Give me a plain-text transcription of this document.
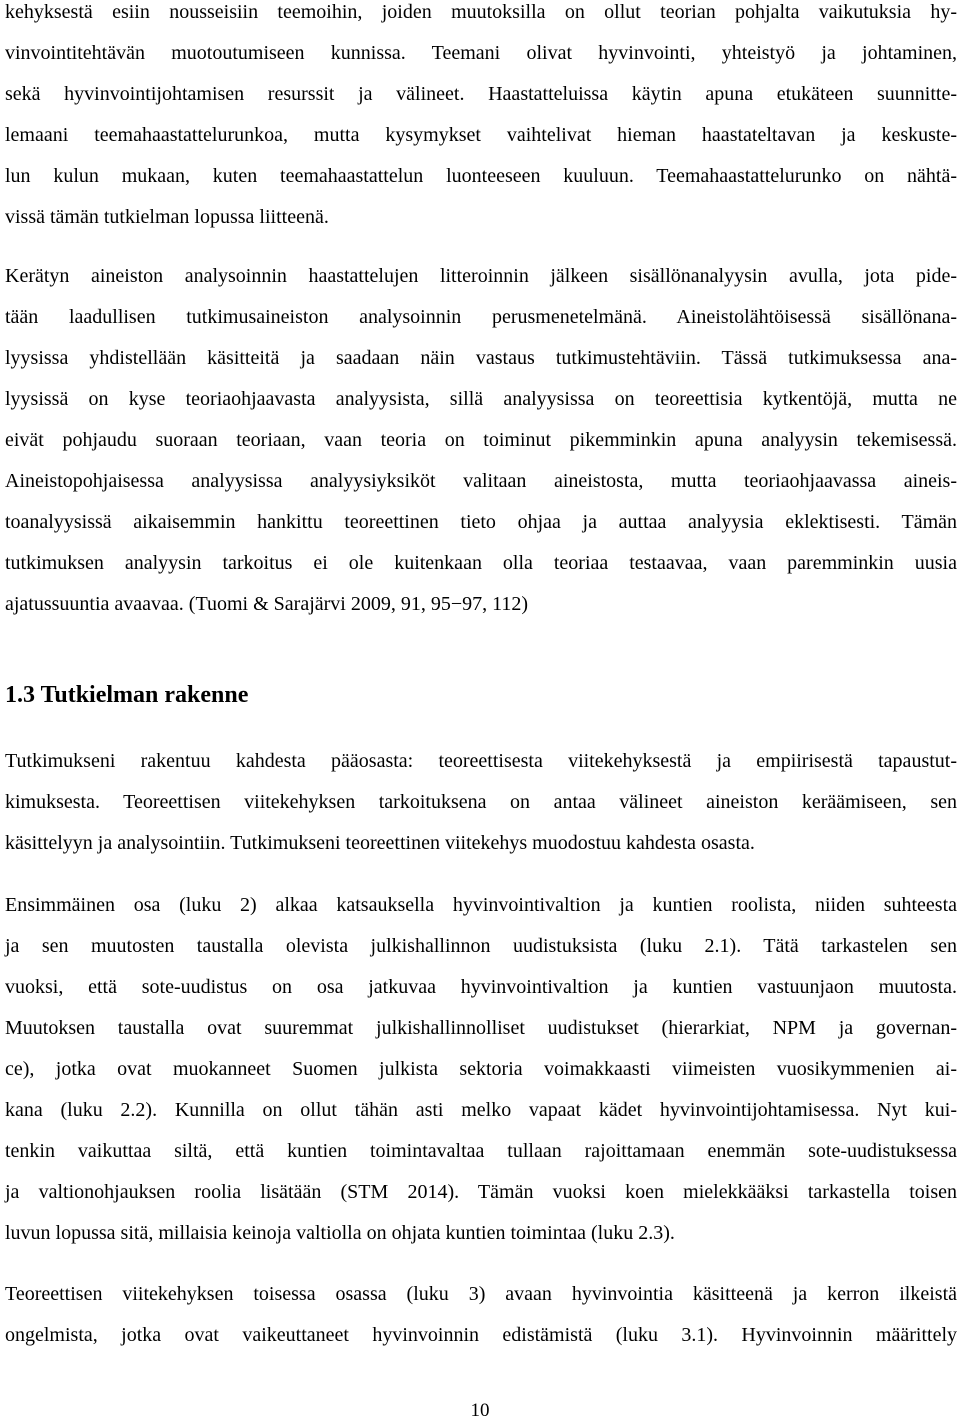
kehyksestä esiin nousseisiin teemoihin, joiden muutoksilla on ollut teorian pohjalta vaikutuksia hy-
vinvointitehtävän muotoutumiseen kunnissa. Teemani olivat hyvinvointi, yhteistyö ja johtaminen,
sekä hyvinvointijohtamisen resurssit ja välineet. Haastatteluissa käytin apuna etukäteen suunnitte-
lemaani teemahaastattelurunkoa, mutta kysymykset vaihtelivat hieman haastateltavan ja keskuste-
lun kulun mukaan, kuten teemahaastattelun luonteeseen kuuluun. Teemahaastattelurunko on nähtä-
vissä tämän tutkielman lopussa liitteenä.
Kerätyn aineiston analysoinnin haastattelujen litteroinnin jälkeen sisällönanalyysin avulla, jota pide-
tään laadullisen tutkimusaineiston analysoinnin perusmenetelmänä. Aineistolähtöisessä sisällönana-
lyysissa yhdistellään käsitteitä ja saadaan näin vastaus tutkimustehtäviin. Tässä tutkimuksessa ana-
lyysissä on kyse teoriaohjaavasta analyysista, sillä analyysissa on teoreettisia kytkentöjä, mutta ne
eivät pohjaudu suoraan teoriaan, vaan teoria on toiminut pikemminkin apuna analyysin tekemisessä.
Aineistopohjaisessa analyysissa analyysiyksiköt valitaan aineistosta, mutta teoriaohjaavassa aineis-
toanalyysissä aikaisemmin hankittu teoreettinen tieto ohjaa ja auttaa analyysia eklektisesti. Tämän
tutkimuksen analyysin tarkoitus ei ole kuitenkaan olla teoriaa testaavaa, vaan paremminkin uusia
ajatussuuntia avaavaa. (Tuomi & Sarajärvi 2009, 91, 95−97, 112)
1.3 Tutkielman rakenne
Tutkimukseni rakentuu kahdesta pääosasta: teoreettisesta viitekehyksestä ja empiirisestä tapaustut-
kimuksesta. Teoreettisen viitekehyksen tarkoituksena on antaa välineet aineiston keräämiseen, sen
käsittelyyn ja analysointiin. Tutkimukseni teoreettinen viitekehys muodostuu kahdesta osasta.
Ensimmäinen osa (luku 2) alkaa katsauksella hyvinvointivaltion ja kuntien roolista, niiden suhteesta
ja sen muutosten taustalla olevista julkishallinnon uudistuksista (luku 2.1). Tätä tarkastelen sen
vuoksi, että sote-uudistus on osa jatkuvaa hyvinvointivaltion ja kuntien vastuunjaon muutosta.
Muutoksen taustalla ovat suuremmat julkishallinnolliset uudistukset (hierarkiat, NPM ja governan-
ce), jotka ovat muokanneet Suomen julkista sektoria voimakkaasti viimeisten vuosikymmenien ai-
kana (luku 2.2). Kunnilla on ollut tähän asti melko vapaat kädet hyvinvointijohtamisessa. Nyt kui-
tenkin vaikuttaa siltä, että kuntien toimintavaltaa tullaan rajoittamaan enemmän sote-uudistuksessa
ja valtionohjauksen roolia lisätään (STM 2014). Tämän vuoksi koen mielekkääksi tarkastella toisen
luvun lopussa sitä, millaisia keinoja valtiolla on ohjata kuntien toimintaa (luku 2.3).
Teoreettisen viitekehyksen toisessa osassa (luku 3) avaan hyvinvointia käsitteenä ja kerron ilkeistä
ongelmista, jotka ovat vaikeuttaneet hyvinvoinnin edistämistä (luku 3.1). Hyvinvoinnin määrittely
10
